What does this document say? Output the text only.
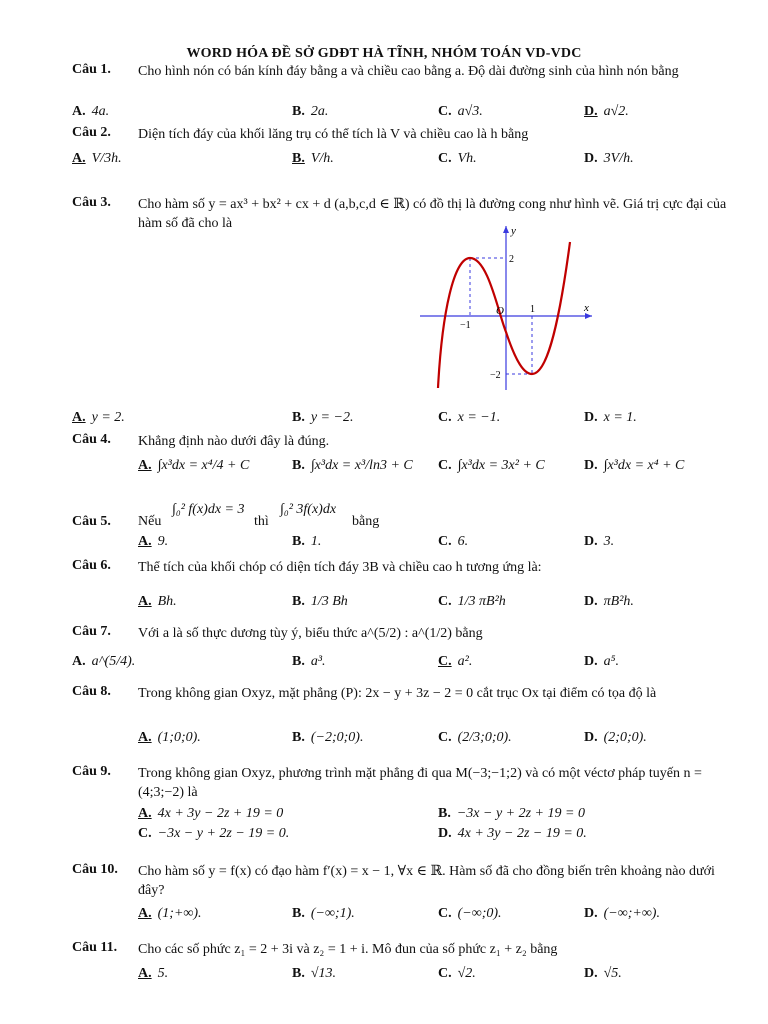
WORD HÓA ĐỀ SỞ GDĐT HÀ TĨNH, NHÓM TOÁN VD-VDC
Câu 1. Cho hình nón có bán kính đáy bằng a và chiều cao bằng a. Độ dài đường sinh của hình nón bằng
A. 4a.	B. 2a.	C. a√3.	D. a√2.
Câu 2. Diện tích đáy của khối lăng trụ có thể tích là V và chiều cao là h bằng
A. V/3h.	B. V/h.	C. Vh.	D. 3V/h.
Câu 3. Cho hàm số y = ax³ + bx² + cx + d (a,b,c,d ∈ ℝ) có đồ thị là đường cong như hình vẽ. Giá trị cực đại của hàm số đã cho là
x
y
O
−1
1
2
−2
A. y = 2.	B. y = −2.	C. x = −1.	D. x = 1.
Câu 4. Khẳng định nào dưới đây là đúng.
A. ∫x³dx = x⁴/4 + C	B. ∫x³dx = x³/ln3 + C C. ∫x³dx = 3x² + C	D. ∫x³dx = x⁴ + C
Câu 5. Nếu
∫₀² f(x)dx = 3
thì
∫₀² 3f(x)dx
bằng
A. 9.	B. 1.	C. 6.	D. 3.
Câu 6. Thể tích của khối chóp có diện tích đáy 3B và chiều cao h tương ứng là:
A. Bh.	B. 1/3 Bh	C. 1/3 πB²h	D. πB²h.
Câu 7. Với a là số thực dương tùy ý, biểu thức a^(5/2) : a^(1/2) bằng
A. a^(5/4).	B. a³.	C. a².	D. a⁵.
Câu 8. Trong không gian Oxyz, mặt phẳng (P): 2x − y + 3z − 2 = 0 cắt trục Ox tại điểm có tọa độ là
A. (1;0;0).	B. (−2;0;0).	C. (2/3;0;0).	D. (2;0;0).
Câu 9. Trong không gian Oxyz, phương trình mặt phẳng đi qua M(−3;−1;2) và có một véctơ pháp tuyến n = (4;3;−2) là
A. 4x + 3y − 2z + 19 = 0	B. −3x − y + 2z + 19 = 0
C. −3x − y + 2z − 19 = 0.	D. 4x + 3y − 2z − 19 = 0.
Câu 10. Cho hàm số y = f(x) có đạo hàm f′(x) = x − 1, ∀x ∈ ℝ. Hàm số đã cho đồng biến trên khoảng nào dưới đây?
A. (1;+∞).	B. (−∞;1).	C. (−∞;0).	D. (−∞;+∞).
Câu 11. Cho các số phức z₁ = 2 + 3i và z₂ = 1 + i. Mô đun của số phức z₁ + z₂ bằng
A. 5.	B. √13.	C. √2.	D. √5.
